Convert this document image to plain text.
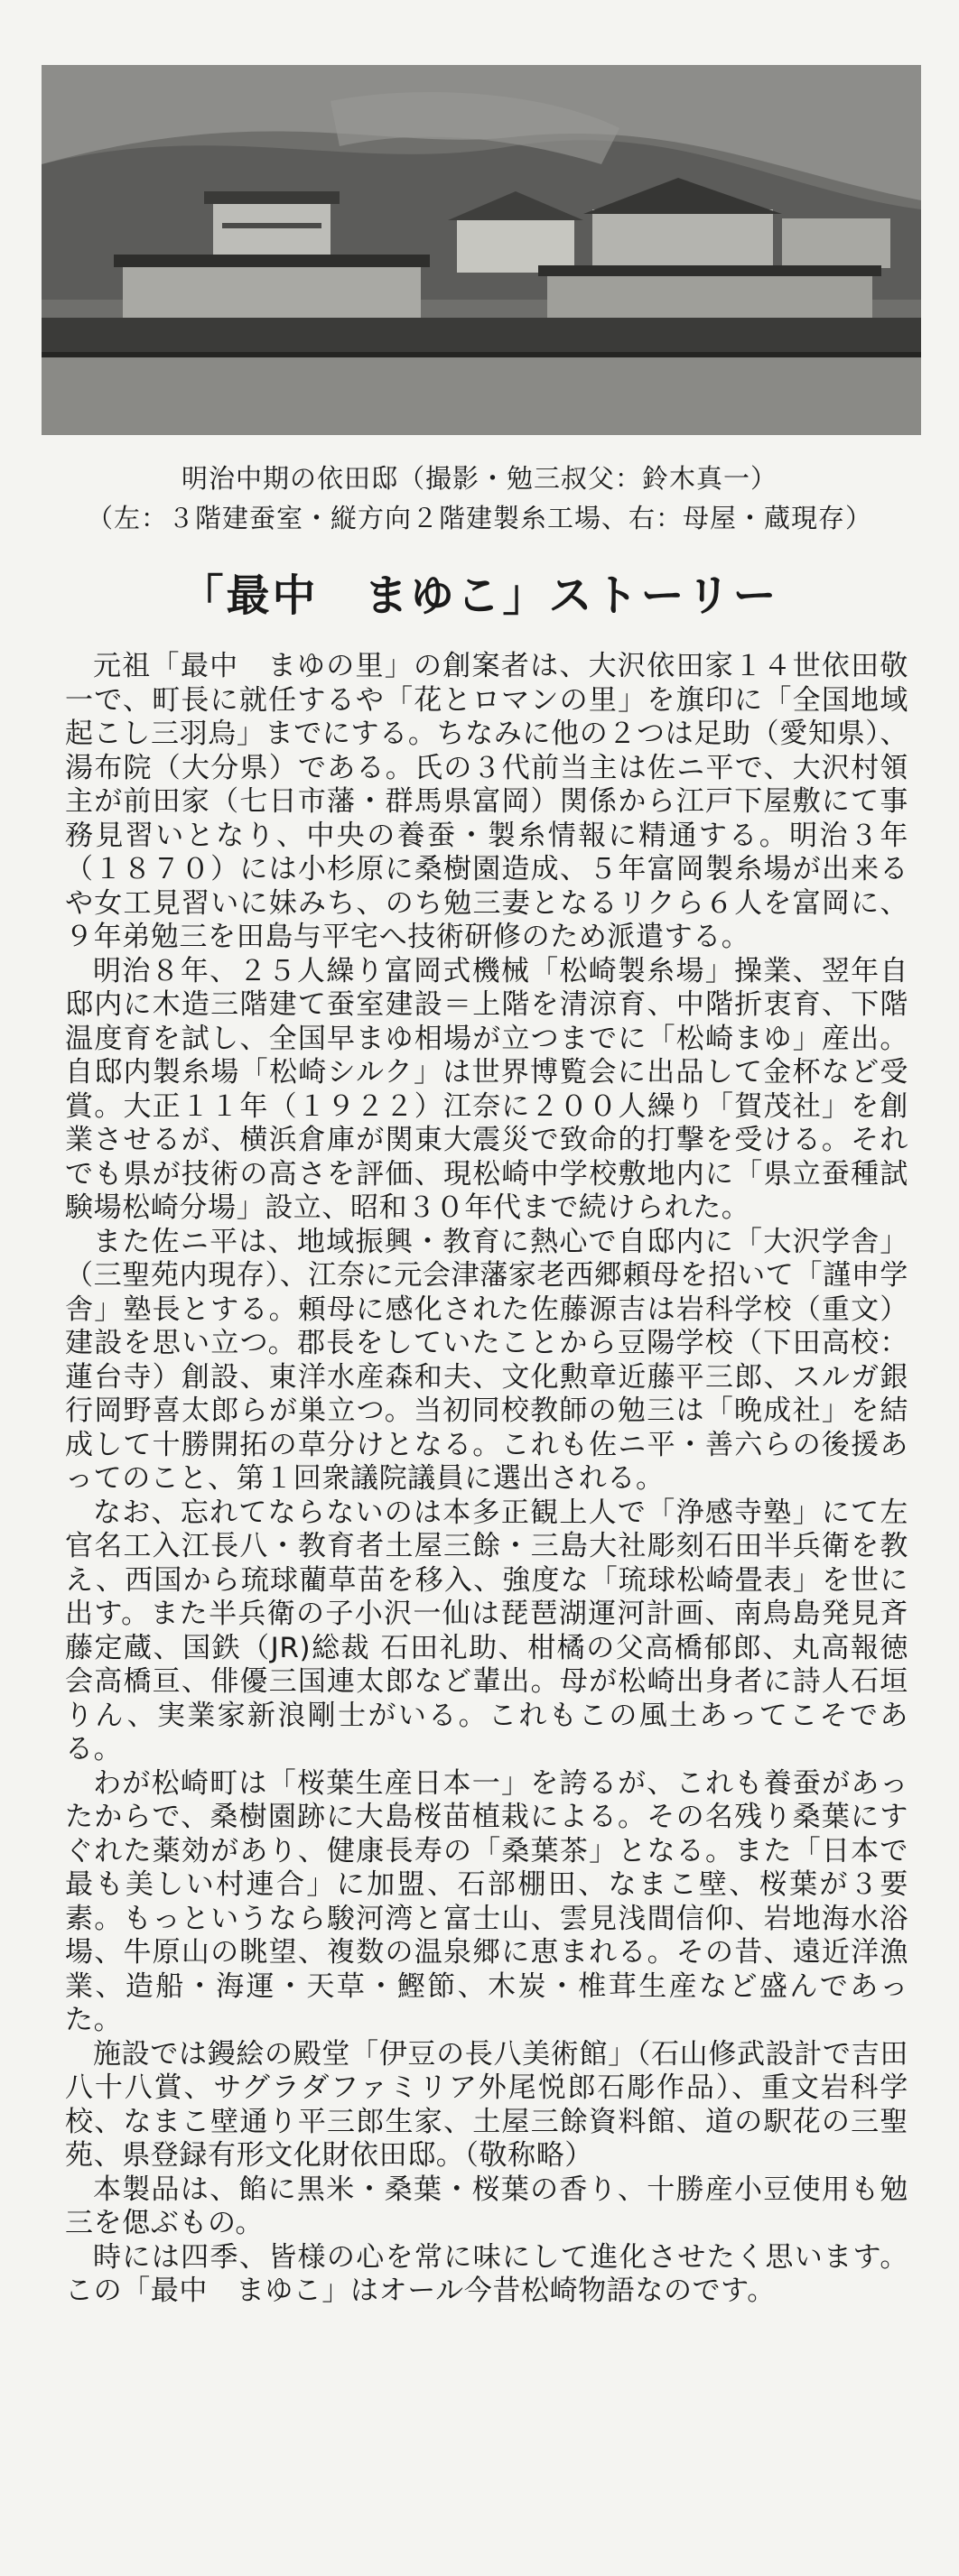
明治中期の依田邸（撮影・勉三叔父：鈴木真一）
（左：３階建蚕室・縦方向２階建製糸工場、右：母屋・蔵現存）
「最中　まゆこ」ストーリー

元祖「最中　まゆの里」の創案者は、大沢依田家１４世依田敬一で、町長に就任するや「花とロマンの里」を旗印に「全国地域起こし三羽烏」までにする。ちなみに他の２つは足助（愛知県）、湯布院（大分県）である。氏の３代前当主は佐ニ平で、大沢村領主が前田家（七日市藩・群馬県富岡）関係から江戸下屋敷にて事務見習いとなり、中央の養蚕・製糸情報に精通する。明治３年（１８７０）には小杉原に桑樹園造成、５年富岡製糸場が出来るや女工見習いに妹みち、のち勉三妻となるリクら６人を富岡に、９年弟勉三を田島与平宅へ技術研修のため派遣する。

明治８年、２５人繰り富岡式機械「松崎製糸場」操業、翌年自邸内に木造三階建て蚕室建設＝上階を清涼育、中階折衷育、下階温度育を試し、全国早まゆ相場が立つまでに「松崎まゆ」産出。自邸内製糸場「松崎シルク」は世界博覧会に出品して金杯など受賞。大正１１年（１９２２）江奈に２００人繰り「賀茂社」を創業させるが、横浜倉庫が関東大震災で致命的打撃を受ける。それでも県が技術の高さを評価、現松崎中学校敷地内に「県立蚕種試験場松崎分場」設立、昭和３０年代まで続けられた。

また佐ニ平は、地域振興・教育に熱心で自邸内に「大沢学舎」（三聖苑内現存）、江奈に元会津藩家老西郷頼母を招いて「謹申学舎」塾長とする。頼母に感化された佐藤源吉は岩科学校（重文）建設を思い立つ。郡長をしていたことから豆陽学校（下田高校：蓮台寺）創設、東洋水産森和夫、文化勲章近藤平三郎、スルガ銀行岡野喜太郎らが巣立つ。当初同校教師の勉三は「晩成社」を結成して十勝開拓の草分けとなる。これも佐ニ平・善六らの後援あってのこと、第１回衆議院議員に選出される。

なお、忘れてならないのは本多正観上人で「浄感寺塾」にて左官名工入江長八・教育者土屋三餘・三島大社彫刻石田半兵衛を教え、西国から琉球藺草苗を移入、強度な「琉球松崎畳表」を世に出す。また半兵衛の子小沢一仙は琵琶湖運河計画、南鳥島発見斉藤定蔵、国鉄（JR)総裁 石田礼助、柑橘の父高橋郁郎、丸高報徳会高橋亘、俳優三国連太郎など輩出。母が松崎出身者に詩人石垣りん、実業家新浪剛士がいる。これもこの風土あってこそである。

わが松崎町は「桜葉生産日本一」を誇るが、これも養蚕があったからで、桑樹園跡に大島桜苗植栽による。その名残り桑葉にすぐれた薬効があり、健康長寿の「桑葉茶」となる。また「日本で最も美しい村連合」に加盟、石部棚田、なまこ壁、桜葉が３要素。もっというなら駿河湾と富士山、雲見浅間信仰、岩地海水浴場、牛原山の眺望、複数の温泉郷に恵まれる。その昔、遠近洋漁業、造船・海運・天草・鰹節、木炭・椎茸生産など盛んであった。

施設では鏝絵の殿堂「伊豆の長八美術館」（石山修武設計で吉田八十八賞、サグラダファミリア外尾悦郎石彫作品）、重文岩科学校、なまこ壁通り平三郎生家、土屋三餘資料館、道の駅花の三聖苑、県登録有形文化財依田邸。（敬称略）

本製品は、餡に黒米・桑葉・桜葉の香り、十勝産小豆使用も勉三を偲ぶもの。

時には四季、皆様の心を常に味にして進化させたく思います。この「最中　まゆこ」はオール今昔松崎物語なのです。
